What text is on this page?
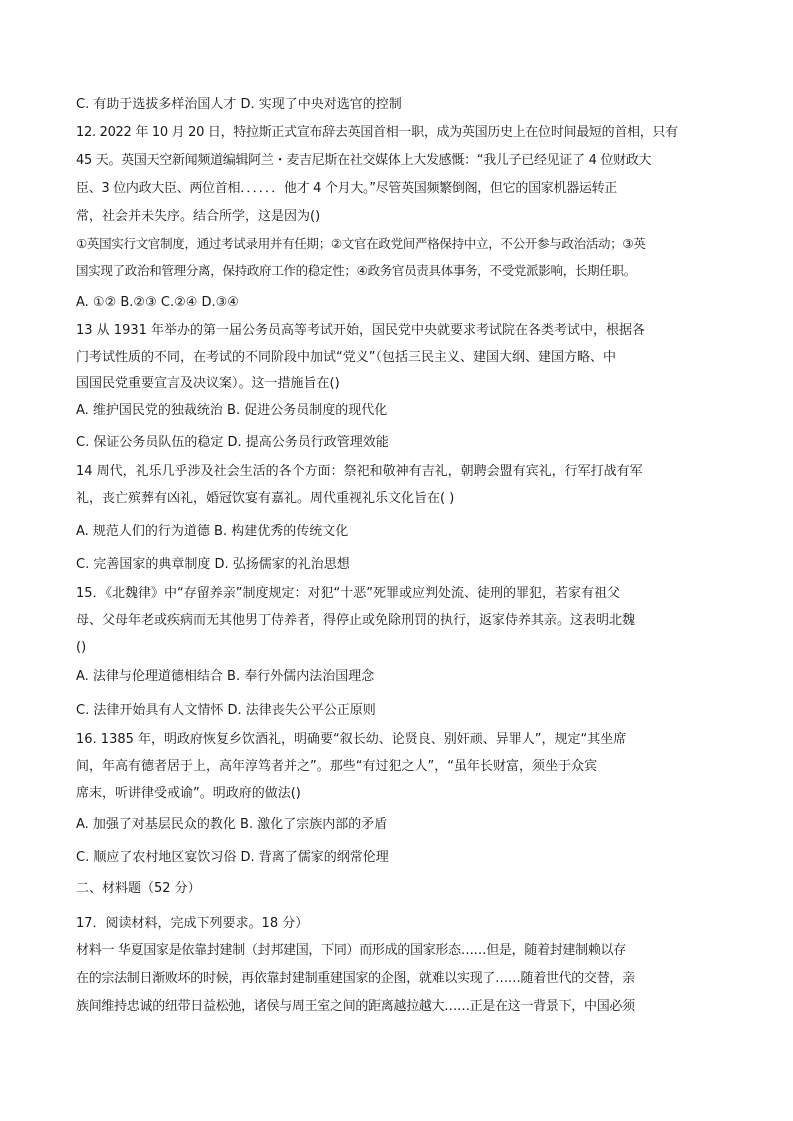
C. 有助于选拔多样治国人才 D. 实现了中央对选官的控制
12. 2022 年 10 月 20 日，特拉斯正式宣布辞去英国首相一职，成为英国历史上在位时间最短的首相，只有
45 天。英国天空新闻频道编辑阿兰・麦吉尼斯在社交媒体上大发感慨：“我儿子已经见证了 4 位财政大
臣、3 位内政大臣、两位首相．．．．．．他才 4 个月大。”尽管英国频繁倒阁，但它的国家机器运转正
常，社会并未失序。结合所学，这是因为()
①英国实行文官制度，通过考试录用并有任期；②文官在政党间严格保持中立，不公开参与政治活动；③英
国实现了政治和管理分离，保持政府工作的稳定性；④政务官员责具体事务，不受党派影响，长期任职。
A. ①② B.②③ C.②④ D.③④
13 从 1931 年举办的第一届公务员高等考试开始，国民党中央就要求考试院在各类考试中，根据各
门考试性质的不同，在考试的不同阶段中加试“党义”（包括三民主义、建国大纲、建国方略、中
国国民党重要宣言及决议案）。这一措施旨在()
A. 维护国民党的独裁统治 B. 促进公务员制度的现代化
C. 保证公务员队伍的稳定 D. 提高公务员行政管理效能
14 周代，礼乐几乎涉及社会生活的各个方面：祭祀和敬神有吉礼，朝聘会盟有宾礼，行军打战有军
礼，丧亡殡葬有凶礼，婚冠饮宴有嘉礼。周代重视礼乐文化旨在( )
A. 规范人们的行为道德 B. 构建优秀的传统文化
C. 完善国家的典章制度 D. 弘扬儒家的礼治思想
15．《北魏律》中“存留养亲”制度规定：对犯“十恶”死罪或应判处流、徒刑的罪犯，若家有祖父
母、父母年老或疾病而无其他男丁侍养者，得停止或免除刑罚的执行，返家侍养其亲。这表明北魏
()
A. 法律与伦理道德相结合 B. 奉行外儒内法治国理念
C. 法律开始具有人文情怀 D. 法律丧失公平公正原则
16. 1385 年，明政府恢复乡饮酒礼，明确要“叙长幼、论贤良、别奸顽、异罪人”，规定“其坐席
间，年高有德者居于上，高年淳笃者并之”。那些“有过犯之人”，“虽年长财富，须坐于众宾
席末，听讲律受戒谕”。明政府的做法()
A. 加强了对基层民众的教化 B. 激化了宗族内部的矛盾
C. 顺应了农村地区宴饮习俗 D. 背离了儒家的纲常伦理
二、材料题（52 分）
17．阅读材料，完成下列要求。18 分）
材料一 华夏国家是依靠封建制（封邦建国，下同）而形成的国家形态……但是，随着封建制赖以存
在的宗法制日渐败坏的时候，再依靠封建制重建国家的企图，就难以实现了……随着世代的交替，亲
族间维持忠诚的纽带日益松弛，诸侯与周王室之间的距离越拉越大……正是在这一背景下，中国必须
